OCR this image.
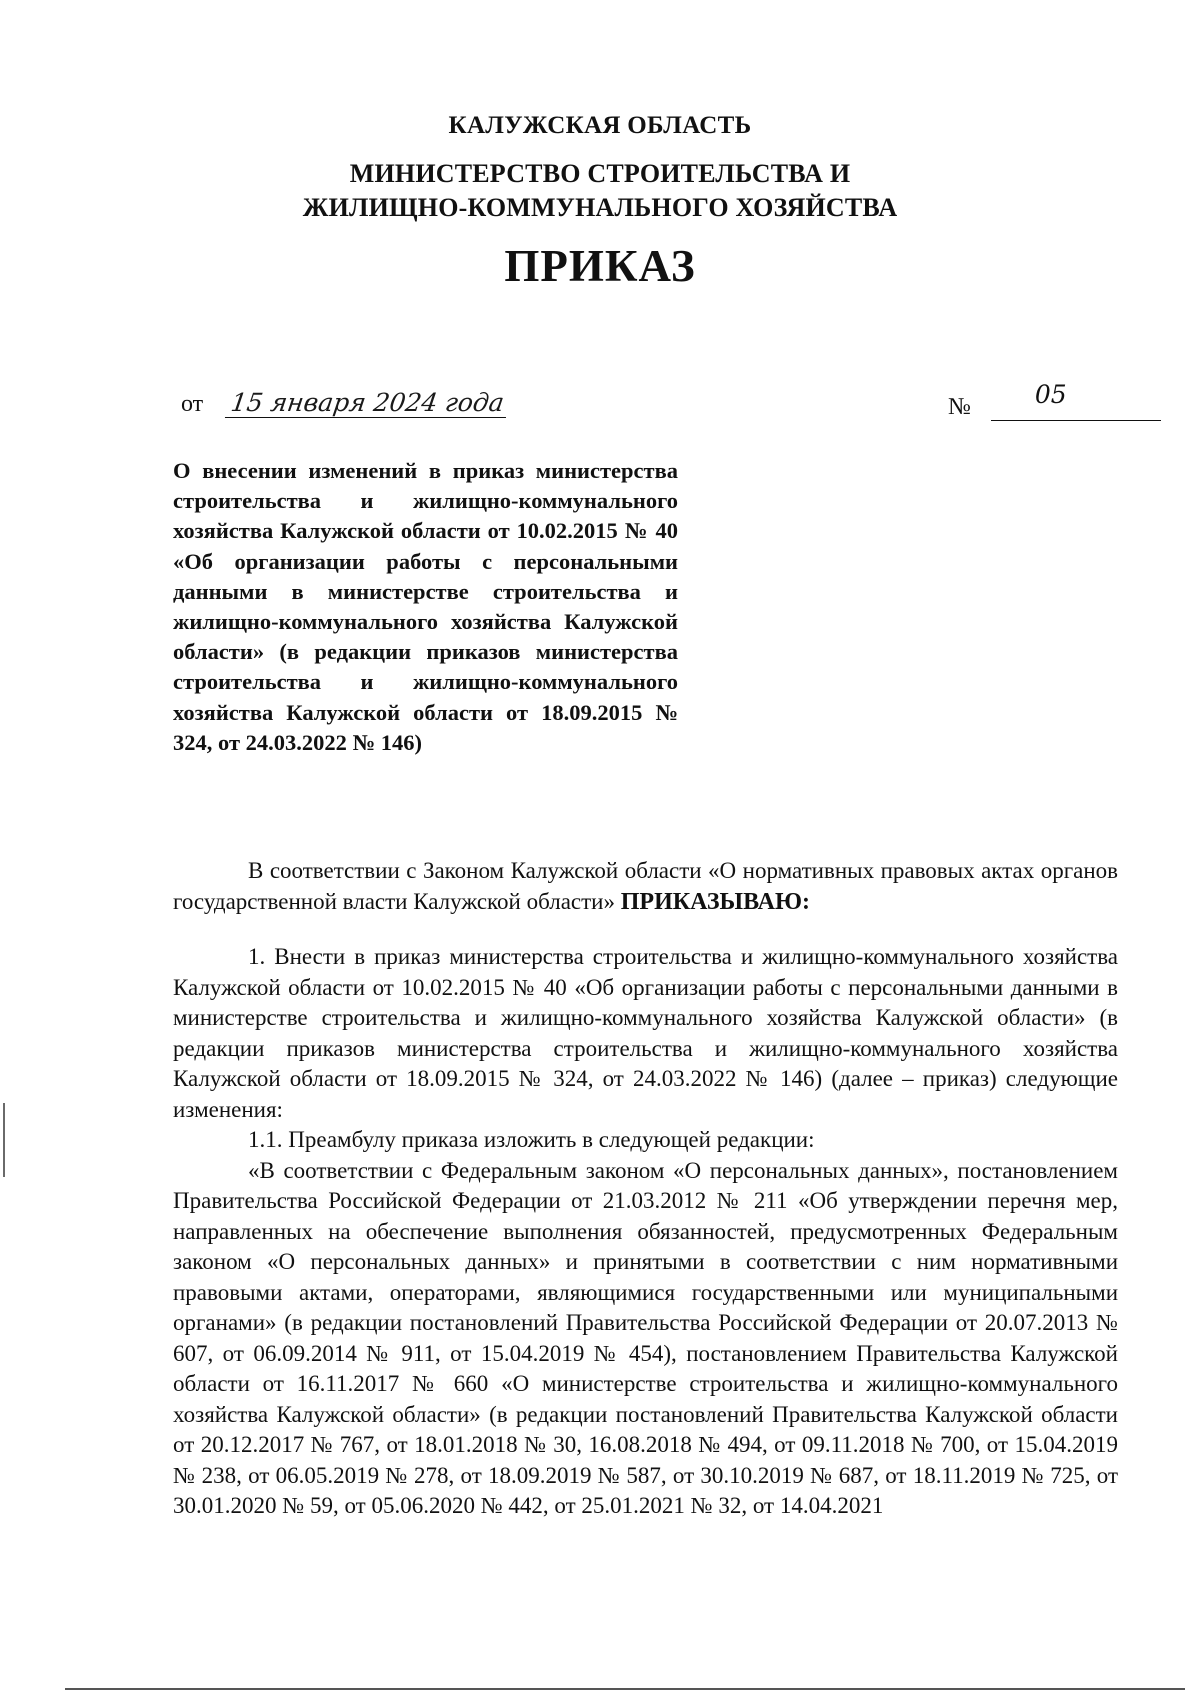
КАЛУЖСКАЯ ОБЛАСТЬ
МИНИСТЕРСТВО СТРОИТЕЛЬСТВА И
ЖИЛИЩНО-КОММУНАЛЬНОГО ХОЗЯЙСТВА
ПРИКАЗ
от 15 января 2024 года	№	05
О внесении изменений в приказ министерства строительства и жилищно-коммунального хозяйства Калужской области от 10.02.2015 № 40 «Об организации работы с персональными данными в министерстве строительства и жилищно-коммунального хозяйства Калужской области» (в редакции приказов министерства строительства и жилищно-коммунального хозяйства Калужской области от 18.09.2015 № 324, от 24.03.2022 № 146)

В соответствии с Законом Калужской области «О нормативных правовых актах органов государственной власти Калужской области» ПРИКАЗЫВАЮ:

1. Внести в приказ министерства строительства и жилищно-коммунального хозяйства Калужской области от 10.02.2015 № 40 «Об организации работы с персональными данными в министерстве строительства и жилищно-коммунального хозяйства Калужской области» (в редакции приказов министерства строительства и жилищно-коммунального хозяйства Калужской области от 18.09.2015 № 324, от 24.03.2022 № 146) (далее – приказ) следующие изменения:

1.1. Преамбулу приказа изложить в следующей редакции:

«В соответствии с Федеральным законом «О персональных данных», постановлением Правительства Российской Федерации от 21.03.2012 № 211 «Об утверждении перечня мер, направленных на обеспечение выполнения обязанностей, предусмотренных Федеральным законом «О персональных данных» и принятыми в соответствии с ним нормативными правовыми актами, операторами, являющимися государственными или муниципальными органами» (в редакции постановлений Правительства Российской Федерации от 20.07.2013 № 607, от 06.09.2014 № 911, от 15.04.2019 № 454), постановлением Правительства Калужской области от 16.11.2017 № 660 «О министерстве строительства и жилищно-коммунального хозяйства Калужской области» (в редакции постановлений Правительства Калужской области от 20.12.2017 № 767, от 18.01.2018 № 30, 16.08.2018 № 494, от 09.11.2018 № 700, от 15.04.2019 № 238, от 06.05.2019 № 278, от 18.09.2019 № 587, от 30.10.2019 № 687, от 18.11.2019 № 725, от 30.01.2020 № 59, от 05.06.2020 № 442, от 25.01.2021 № 32, от 14.04.2021
